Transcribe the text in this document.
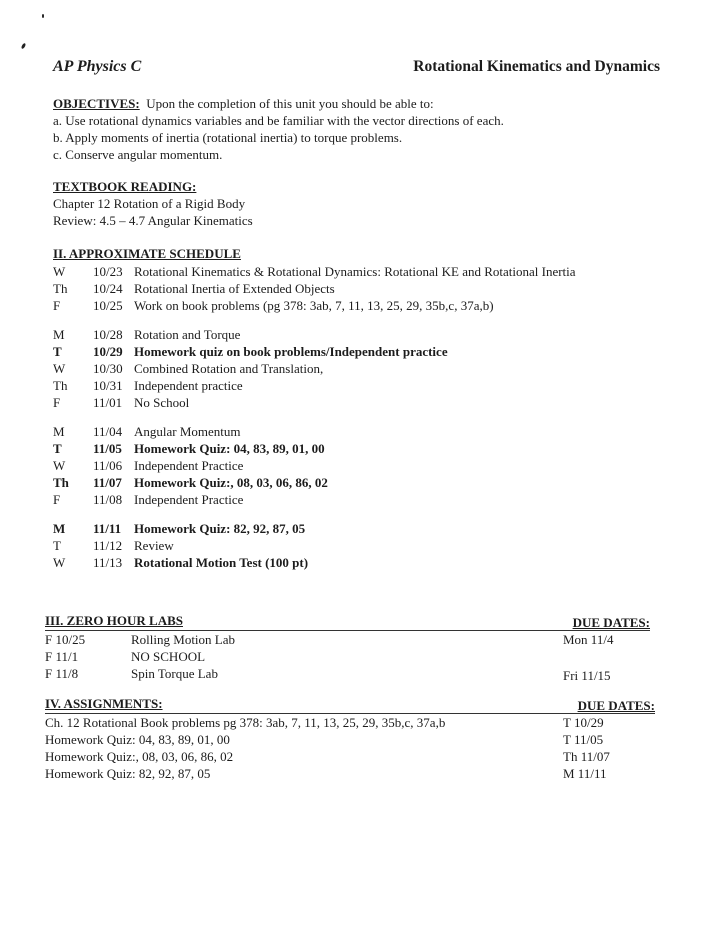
AP Physics C	Rotational Kinematics and Dynamics
OBJECTIVES: Upon the completion of this unit you should be able to:
a. Use rotational dynamics variables and be familiar with the vector directions of each.
b. Apply moments of inertia (rotational inertia) to torque problems.
c. Conserve angular momentum.
TEXTBOOK READING:
Chapter 12 Rotation of a Rigid Body
Review: 4.5 – 4.7 Angular Kinematics
II. APPROXIMATE SCHEDULE
W 10/23 Rotational Kinematics & Rotational Dynamics: Rotational KE and Rotational Inertia
Th 10/24 Rotational Inertia of Extended Objects
F	10/25 Work on book problems (pg 378: 3ab, 7, 11, 13, 25, 29, 35b,c, 37a,b)
M 10/28 Rotation and Torque
T 10/29 Homework quiz on book problems/Independent practice
W 10/30 Combined Rotation and Translation,
Th 10/31 Independent practice
F	11/01 No School
M 11/04 Angular Momentum
T 11/05 Homework Quiz: 04, 83, 89, 01, 00
W 11/06 Independent Practice
Th 11/07 Homework Quiz:, 08, 03, 06, 86, 02
F	11/08 Independent Practice
M 11/11 Homework Quiz: 82, 92, 87, 05
T 11/12 Review
W 11/13 Rotational Motion Test (100 pt)
III. ZERO HOUR LABS	DUE DATES:
F 10/25	Rolling Motion Lab	Mon 11/4
F 11/1	NO SCHOOL
F 11/8	Spin Torque Lab	Fri 11/15
IV. ASSIGNMENTS:	DUE DATES:
Ch. 12 Rotational Book problems pg 378: 3ab, 7, 11, 13, 25, 29, 35b,c, 37a,b	T 10/29
Homework Quiz: 04, 83, 89, 01, 00	T 11/05
Homework Quiz:, 08, 03, 06, 86, 02	Th 11/07
Homework Quiz: 82, 92, 87, 05	M 11/11
